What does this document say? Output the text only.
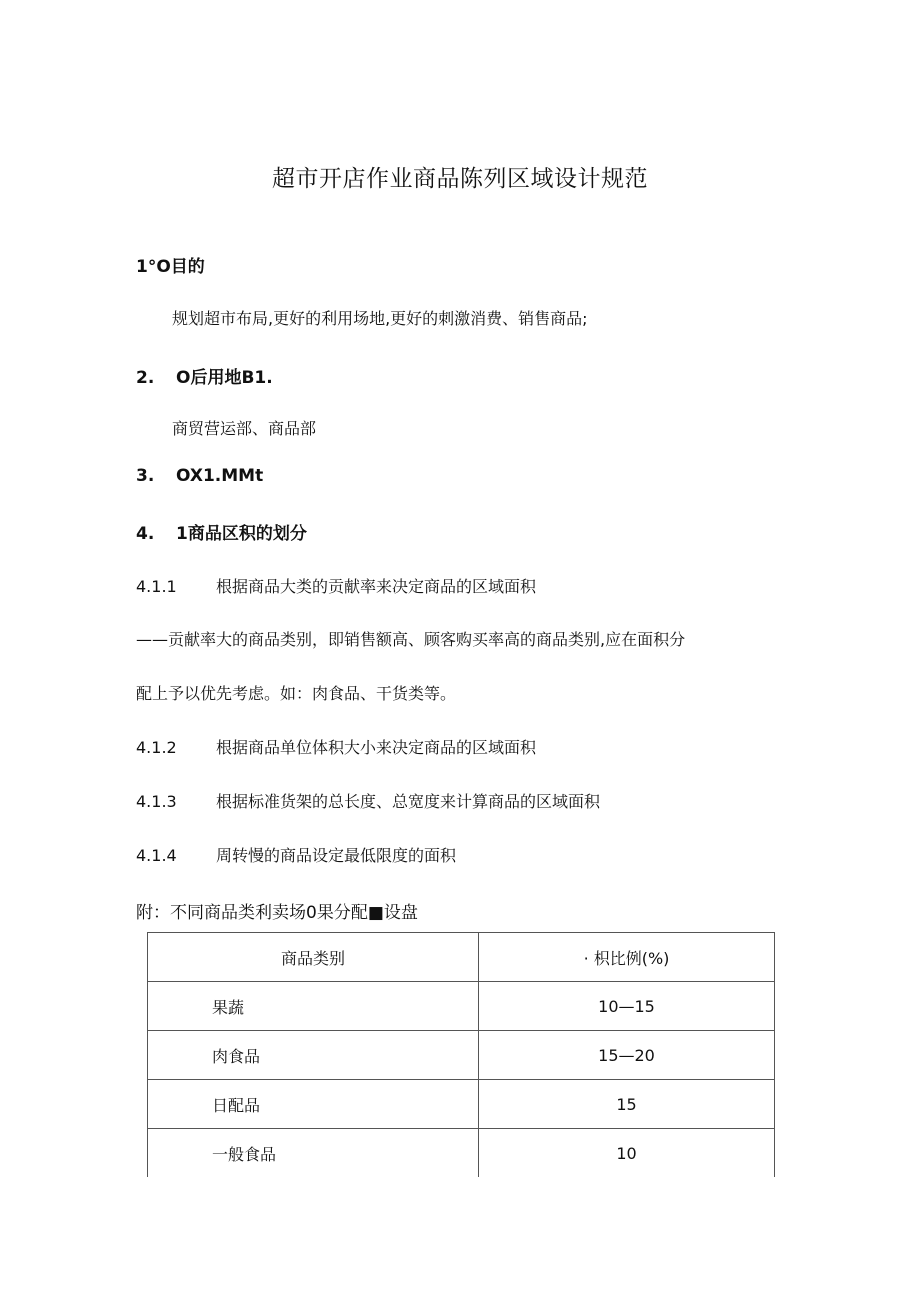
超市开店作业商品陈列区域设计规范
1°O目的
规划超市布局,更好的利用场地,更好的刺激消费、销售商品;
2. O后用地B1.
商贸营运部、商品部
3. OX1.MMt
4. 1商品区积的划分
4.1.1 根据商品大类的贡献率来决定商品的区域面积
——贡献率大的商品类别，即销售额高、顾客购买率高的商品类别,应在面积分
配上予以优先考虑。如：肉食品、干货类等。
4.1.2 根据商品单位体积大小来决定商品的区域面积
4.1.3 根据标准货架的总长度、总宽度来计算商品的区域面积
4.1.4 周转慢的商品设定最低限度的面积
附：不同商品类利卖场0果分配■设盘
商品类别	· 枳比例(%)
果蔬	10—15
肉食品	15—20
日配品	15
一般食品	10
